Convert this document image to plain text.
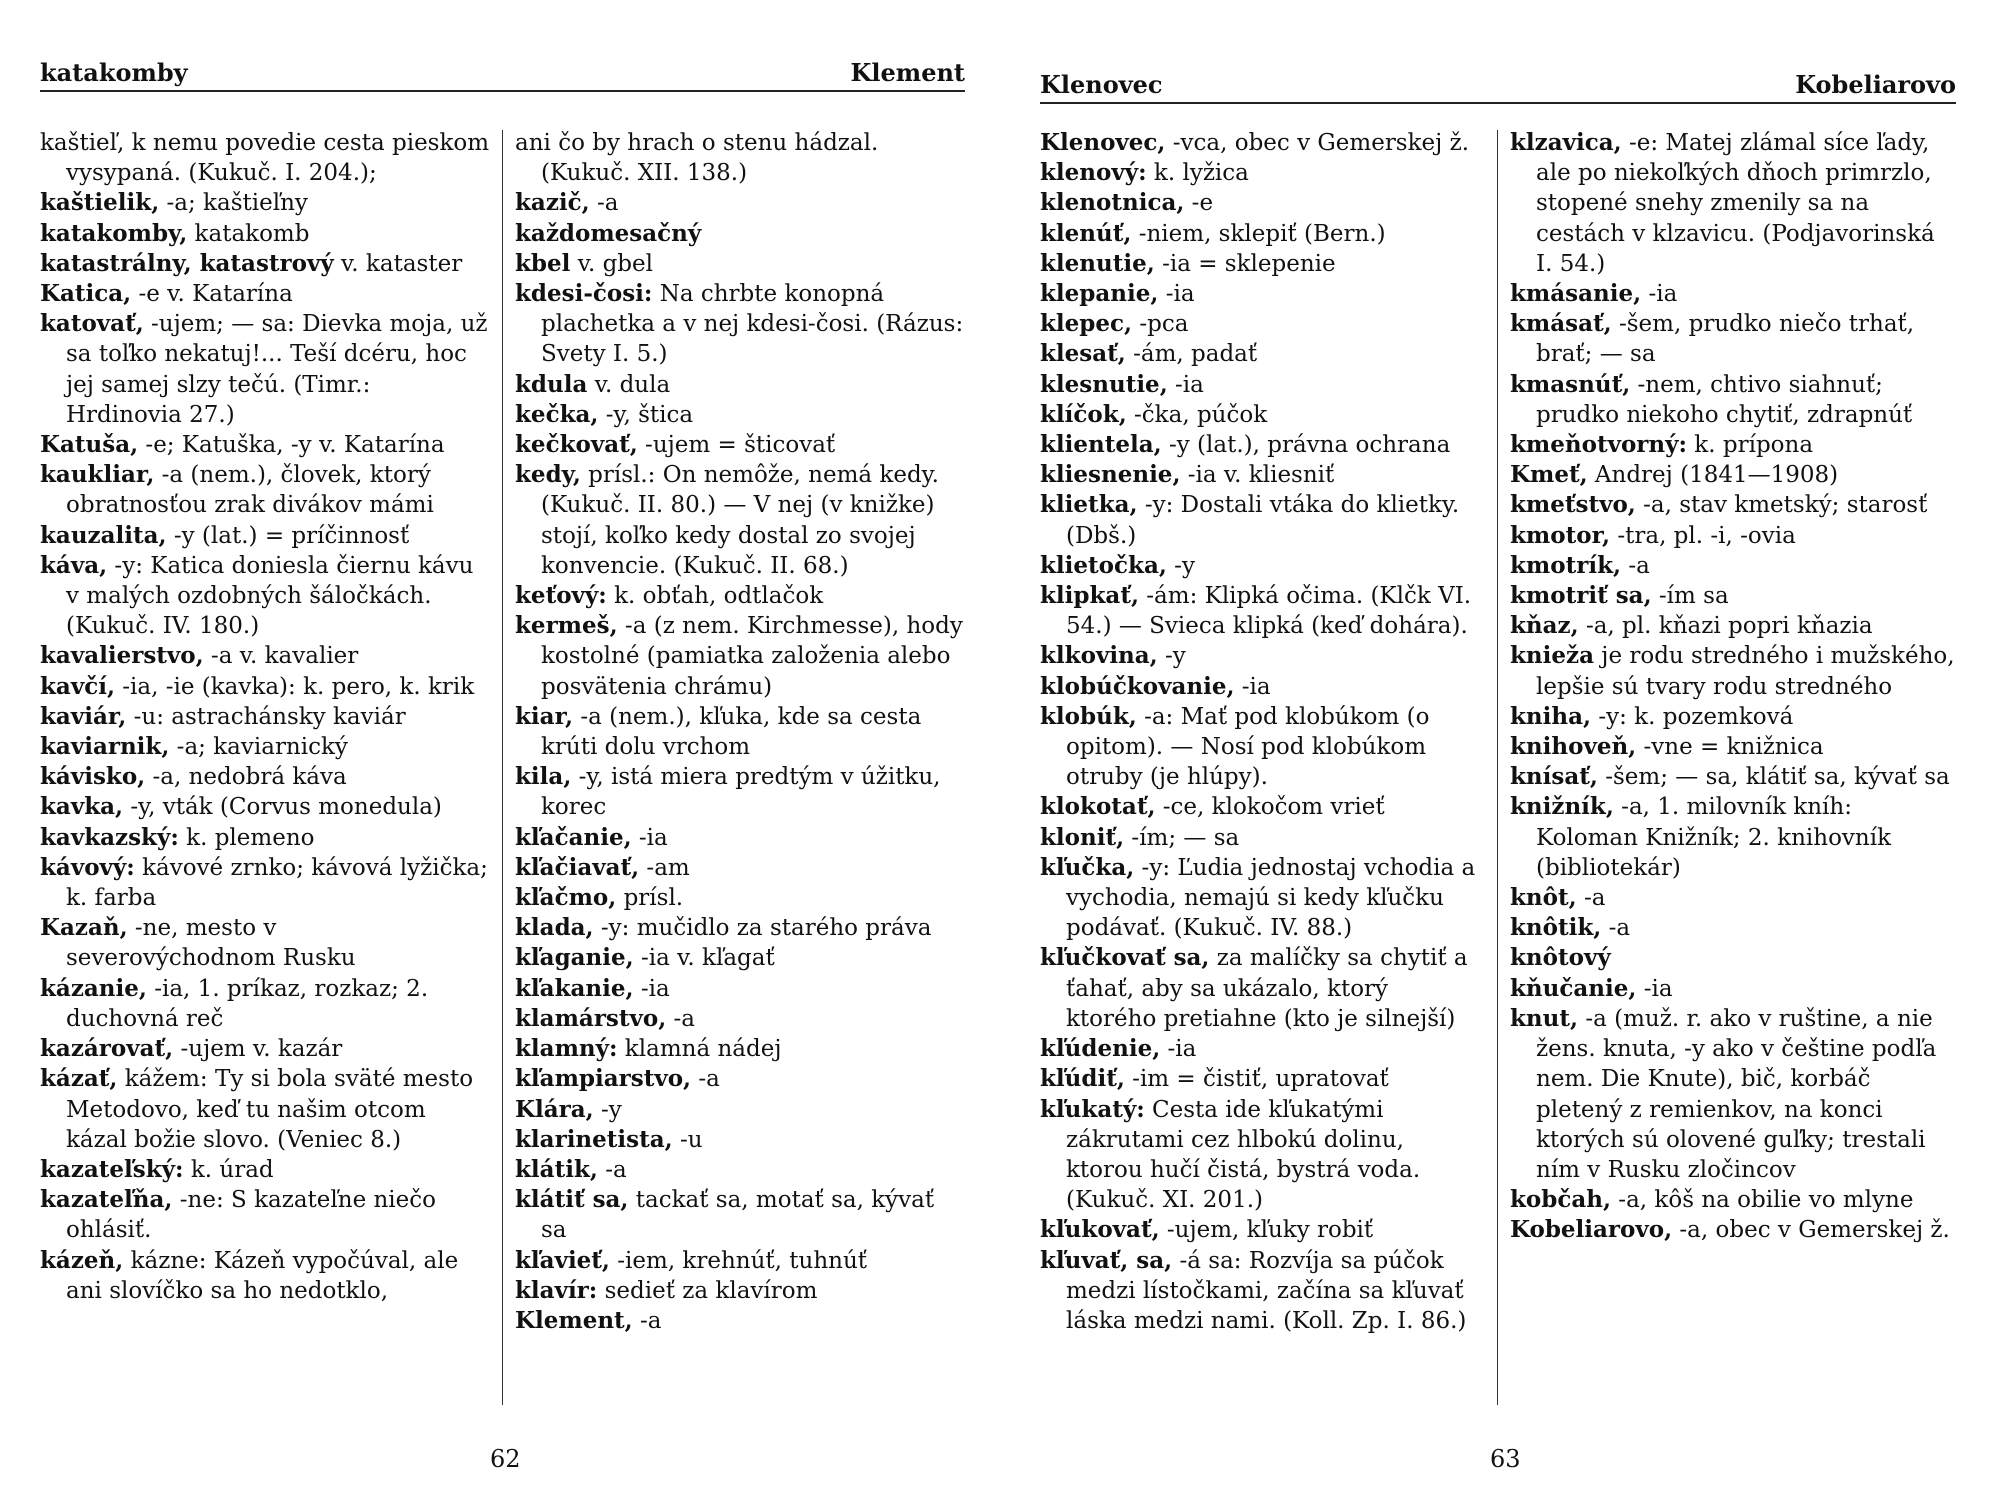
katakomby	Klement

kaštieľ, k nemu povedie cesta pieskom vysypaná. (Kukuč. I. 204.);

kaštielik, -a; kaštieľny

katakomby, katakomb

katastrálny, katastrový v. kataster

Katica, -e v. Katarína

katovať, -ujem; — sa: Dievka moja, už sa toľko nekatuj!... Teší dcéru, hoc jej samej slzy tečú. (Timr.: Hrdinovia 27.)

Katuša, -e; Katuška, -y v. Katarína

kaukliar, -a (nem.), človek, ktorý obratnosťou zrak divákov mámi

kauzalita, -y (lat.) = príčinnosť

káva, -y: Katica doniesla čiernu kávu v malých ozdobných šáločkách. (Kukuč. IV. 180.)

kavalierstvo, -a v. kavalier

kavčí, -ia, -ie (kavka): k. pero, k. krik

kaviár, -u: astrachánsky kaviár

kaviarnik, -a; kaviarnický

kávisko, -a, nedobrá káva

kavka, -y, vták (Corvus monedula)

kavkazský: k. plemeno

kávový: kávové zrnko; kávová lyžička; k. farba

Kazaň, -ne, mesto v severovýchodnom Rusku

kázanie, -ia, 1. príkaz, rozkaz; 2. duchovná reč

kazárovať, -ujem v. kazár

kázať, kážem: Ty si bola sväté mesto Metodovo, keď tu našim otcom kázal božie slovo. (Veniec 8.)

kazateľský: k. úrad

kazateľňa, -ne: S kazateľne niečo ohlásiť.

kázeň, kázne: Kázeň vypočúval, ale ani slovíčko sa ho nedotklo,

ani čo by hrach o stenu hádzal. (Kukuč. XII. 138.)

kazič, -a

každomesačný

kbel v. gbel

kdesi-čosi: Na chrbte konopná plachetka a v nej kdesi-čosi. (Rázus: Svety I. 5.)

kdula v. dula

kečka, -y, štica

kečkovať, -ujem = šticovať

kedy, prísl.: On nemôže, nemá kedy. (Kukuč. II. 80.) — V nej (v knižke) stojí, koľko kedy dostal zo svojej konvencie. (Kukuč. II. 68.)

keťový: k. obťah, odtlačok

kermeš, -a (z nem. Kirchmesse), hody kostolné (pamiatka založenia alebo posvätenia chrámu)

kiar, -a (nem.), kľuka, kde sa cesta krúti dolu vrchom

kila, -y, istá miera predtým v úžitku, korec

kľačanie, -ia

kľačiavať, -am

kľačmo, prísl.

klada, -y: mučidlo za starého práva

kľaganie, -ia v. kľagať

kľakanie, -ia

klamárstvo, -a

klamný: klamná nádej

kľampiarstvo, -a

Klára, -y

klarinetista, -u

klátik, -a

klátiť sa, tackať sa, motať sa, kývať sa

kľavieť, -iem, krehnúť, tuhnúť

klavír: sedieť za klavírom

Klement, -a

62
Klenovec	Kobeliarovo

Klenovec, -vca, obec v Gemerskej ž.

klenový: k. lyžica

klenotnica, -e

klenúť, -niem, sklepiť (Bern.)

klenutie, -ia = sklepenie

klepanie, -ia

klepec, -pca

klesať, -ám, padať

klesnutie, -ia

klíčok, -čka, púčok

klientela, -y (lat.), právna ochrana

kliesnenie, -ia v. kliesniť

klietka, -y: Dostali vtáka do klietky. (Dbš.)

klietočka, -y

klipkať, -ám: Klipká očima. (Klčk VI. 54.) — Svieca klipká (keď dohára).

klkovina, -y

klobúčkovanie, -ia

klobúk, -a: Mať pod klobúkom (o opitom). — Nosí pod klobúkom otruby (je hlúpy).

klokotať, -ce, klokočom vrieť

kloniť, -ím; — sa

kľučka, -y: Ľudia jednostaj vchodia a vychodia, nemajú si kedy kľučku podávať. (Kukuč. IV. 88.)

kľučkovať sa, za malíčky sa chytiť a ťahať, aby sa ukázalo, ktorý ktorého pretiahne (kto je silnejší)

kľúdenie, -ia

kľúdiť, -im = čistiť, upratovať

kľukatý: Cesta ide kľukatými zákrutami cez hlbokú dolinu, ktorou hučí čistá, bystrá voda. (Kukuč. XI. 201.)

kľukovať, -ujem, kľuky robiť

kľuvať, sa, -á sa: Rozvíja sa púčok medzi lístočkami, začína sa kľuvať láska medzi nami. (Koll. Zp. I. 86.)

klzavica, -e: Matej zlámal síce ľady, ale po niekoľkých dňoch primrzlo, stopené snehy zmenily sa na cestách v klzavicu. (Podjavorinská I. 54.)

kmásanie, -ia

kmásať, -šem, prudko niečo trhať, brať; — sa

kmasnúť, -nem, chtivo siahnuť; prudko niekoho chytiť, zdrapnúť

kmeňotvorný: k. prípona

Kmeť, Andrej (1841—1908)

kmeťstvo, -a, stav kmetský; starosť

kmotor, -tra, pl. -i, -ovia

kmotrík, -a

kmotriť sa, -ím sa

kňaz, -a, pl. kňazi popri kňazia

knieža je rodu stredného i mužského, lepšie sú tvary rodu stredného

kniha, -y: k. pozemková

knihoveň, -vne = knižnica

knísať, -šem; — sa, klátiť sa, kývať sa

knižník, -a, 1. milovník kníh: Koloman Knižník; 2. knihovník (bibliotekár)

knôt, -a

knôtik, -a

knôtový

kňučanie, -ia

knut, -a (muž. r. ako v ruštine, a nie žens. knuta, -y ako v češtine podľa nem. Die Knute), bič, korbáč pletený z remienkov, na konci ktorých sú olovené guľky; trestali ním v Rusku zločincov

kobčah, -a, kôš na obilie vo mlyne

Kobeliarovo, -a, obec v Gemerskej ž.

63
